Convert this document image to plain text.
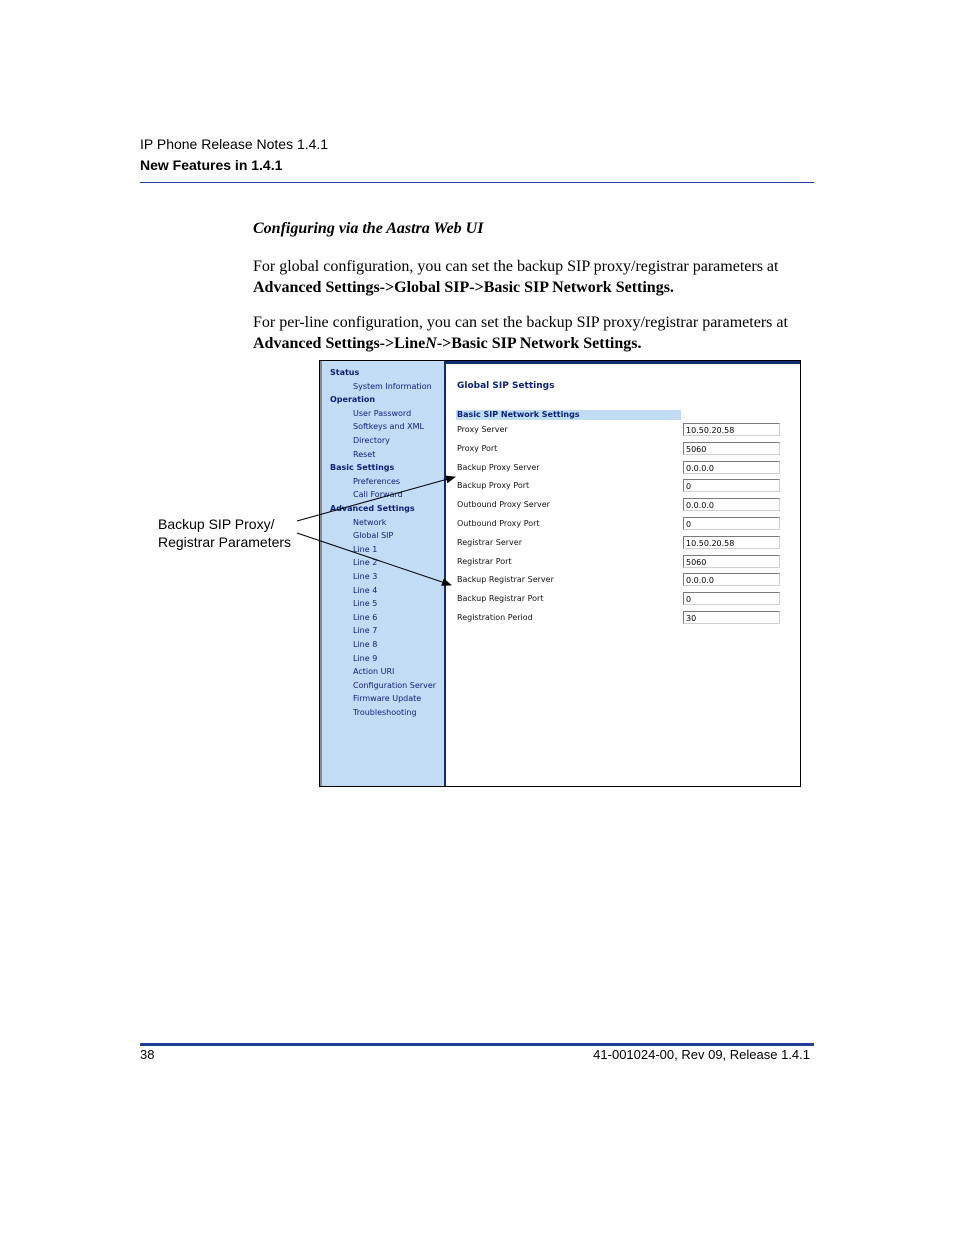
IP Phone Release Notes 1.4.1
New Features in 1.4.1
Configuring via the Aastra Web UI
For global configuration, you can set the backup SIP proxy/registrar parameters at Advanced Settings->Global SIP->Basic SIP Network Settings.
For per-line configuration, you can set the backup SIP proxy/registrar parameters at Advanced Settings->LineN->Basic SIP Network Settings.
Status
System Information
Operation
User Password
Softkeys and XML
Directory
Reset
Basic Settings
Preferences
Call Forward
Advanced Settings
Network
Global SIP
Line 1
Line 2
Line 3
Line 4
Line 5
Line 6
Line 7
Line 8
Line 9
Action URI
Configuration Server
Firmware Update
Troubleshooting
Global SIP Settings
Basic SIP Network Settings
Proxy Server	10.50.20.58
Proxy Port	5060
Backup Proxy Server	0.0.0.0
Backup Proxy Port	0
Outbound Proxy Server	0.0.0.0
Outbound Proxy Port	0
Registrar Server	10.50.20.58
Registrar Port	5060
Backup Registrar Server	0.0.0.0
Backup Registrar Port	0
Registration Period	30
Backup SIP Proxy/
Registrar Parameters
38	41-001024-00, Rev 09, Release 1.4.1
